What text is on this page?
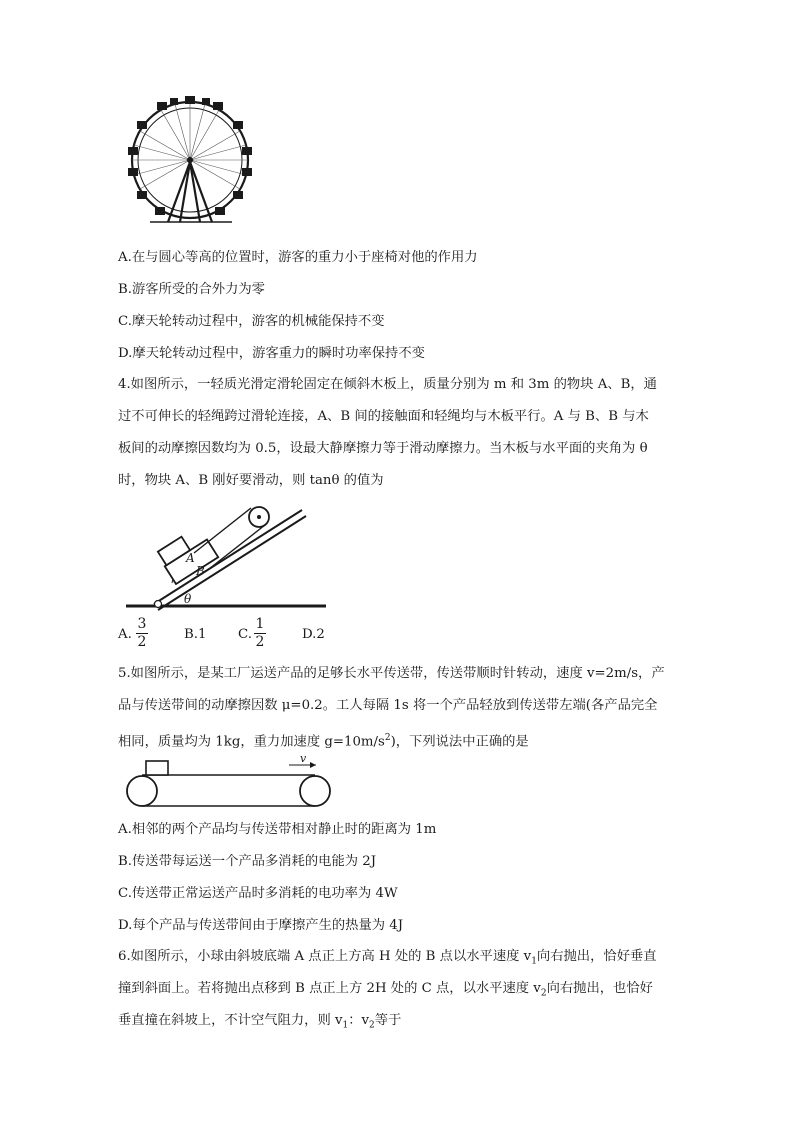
A.在与圆心等高的位置时，游客的重力小于座椅对他的作用力
B.游客所受的合外力为零
C.摩天轮转动过程中，游客的机械能保持不变
D.摩天轮转动过程中，游客重力的瞬时功率保持不变
4.如图所示，一轻质光滑定滑轮固定在倾斜木板上，质量分别为 m 和 3m 的物块 A、B，通
过不可伸长的轻绳跨过滑轮连接，A、B 间的接触面和轻绳均与木板平行。A 与 B、B 与木
板间的动摩擦因数均为 0.5，设最大静摩擦力等于滑动摩擦力。当木板与水平面的夹角为 θ
时，物块 A、B 刚好要滑动，则 tanθ 的值为
A
B
θ
A.
3
2	B.1 C.
1
2	D.2
5.如图所示，是某工厂运送产品的足够长水平传送带，传送带顺时针转动，速度 v=2m/s，产
品与传送带间的动摩擦因数 μ=0.2。工人每隔 1s 将一个产品轻放到传送带左端(各产品完全
相同，质量均为 1kg，重力加速度 $g=10m/s^2$)，下列说法中正确的是
v
A.相邻的两个产品均与传送带相对静止时的距离为 1m
B.传送带每运送一个产品多消耗的电能为 2J
C.传送带正常运送产品时多消耗的电功率为 4W
D.每个产品与传送带间由于摩擦产生的热量为 4J
6.如图所示，小球由斜坡底端 A 点正上方高 H 处的 B 点以水平速度 $v_1$向右抛出，恰好垂直
撞到斜面上。若将抛出点移到 B 点正上方 2H 处的 C 点，以水平速度 $v_2$向右抛出，也恰好
垂直撞在斜坡上，不计空气阻力，则 $v_1$：$v_2$等于
